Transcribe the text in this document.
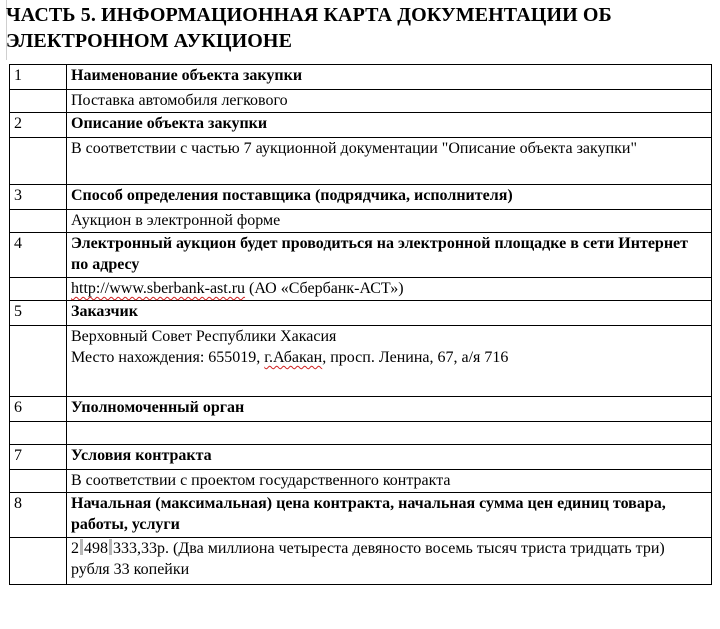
ЧАСТЬ 5. ИНФОРМАЦИОННАЯ КАРТА ДОКУМЕНТАЦИИ ОБ ЭЛЕКТРОННОМ АУКЦИОНЕ
1	Наименование объекта закупки
	Поставка автомобиля легкового
2	Описание объекта закупки
	В соответствии с частью 7 аукционной документации "Описание объекта закупки"
3	Способ определения поставщика (подрядчика, исполнителя)
	Аукцион в электронной форме
4	Электронный аукцион будет проводиться на электронной площадке в сети Интернет по адресу
	http://www.sberbank-ast.ru (АО «Сбербанк-АСТ»)
5	Заказчик

	Верховный Совет Республики Хакасия
Место нахождения: 655019, г.Абакан, просп. Ленина, 67, а/я 716

6	Уполномоченный орган

7	Условия контракта
	В соответствии с проектом государственного контракта
8	Начальная (максимальная) цена контракта, начальная сумма цен единиц товара, работы, услуги
	2 498 333,33р. (Два миллиона четыреста девяносто восемь тысяч триста тридцать три) рубля 33 копейки
